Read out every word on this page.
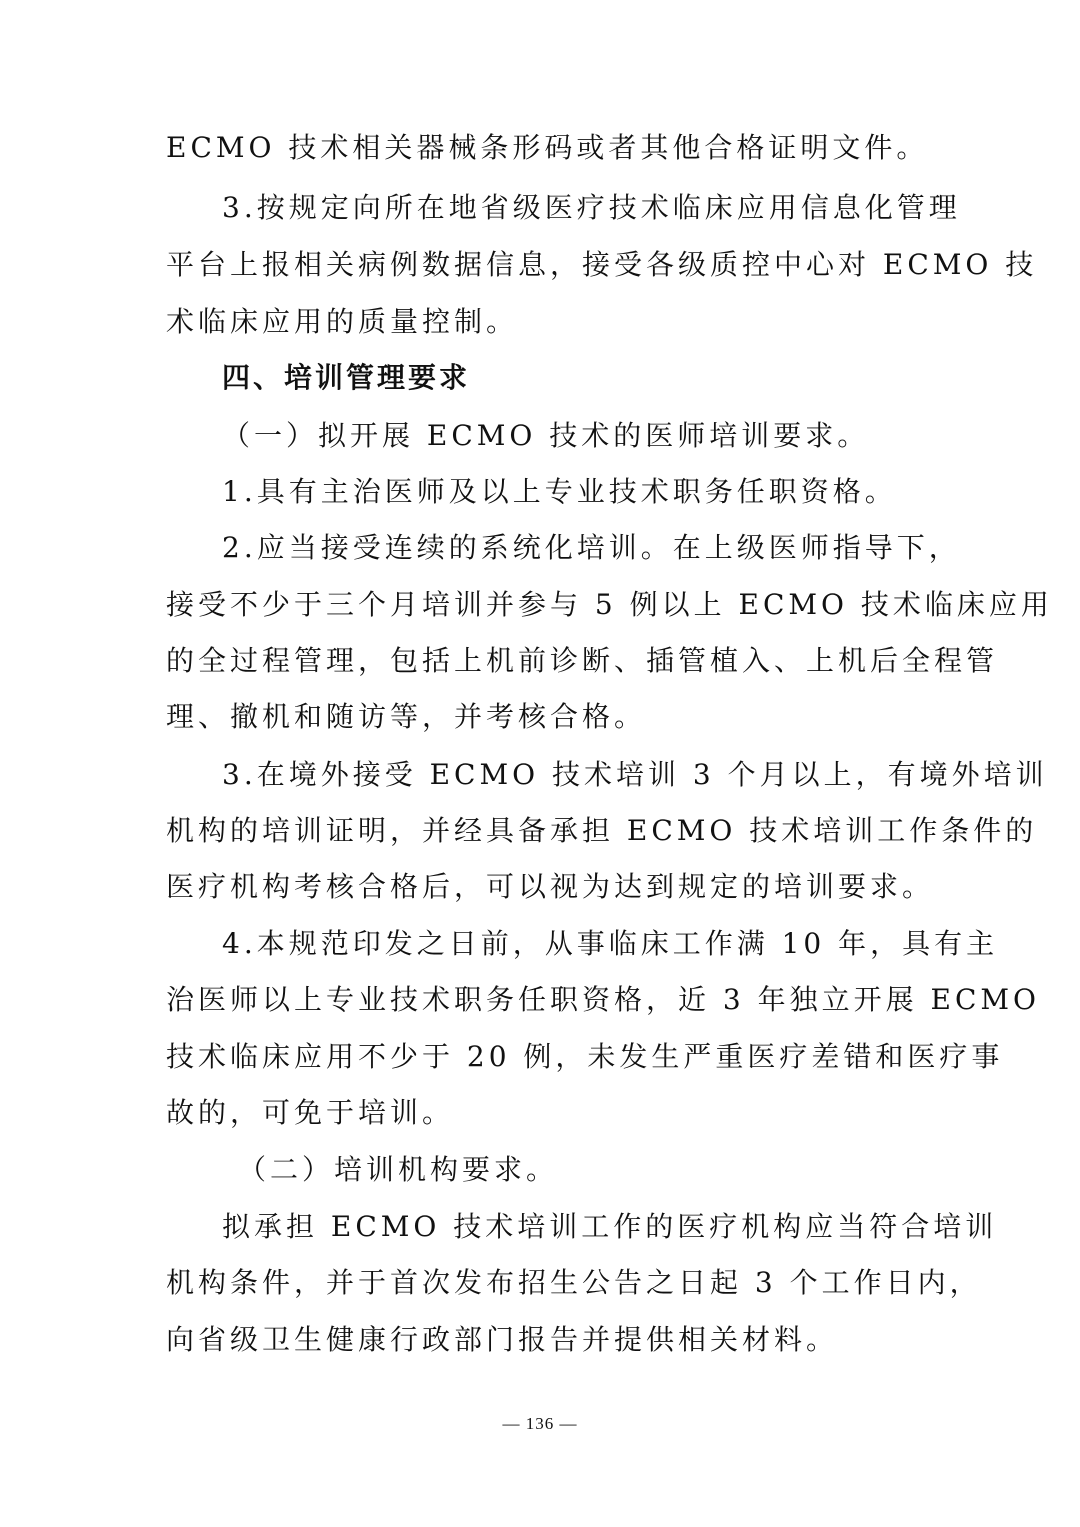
ECMO 技术相关器械条形码或者其他合格证明文件。
3.按规定向所在地省级医疗技术临床应用信息化管理
平台上报相关病例数据信息，接受各级质控中心对 ECMO 技
术临床应用的质量控制。
四、培训管理要求
（一）拟开展 ECMO 技术的医师培训要求。
1.具有主治医师及以上专业技术职务任职资格。
2.应当接受连续的系统化培训。在上级医师指导下，
接受不少于三个月培训并参与 5 例以上 ECMO 技术临床应用
的全过程管理，包括上机前诊断、插管植入、上机后全程管
理、撤机和随访等，并考核合格。
3.在境外接受 ECMO 技术培训 3 个月以上，有境外培训
机构的培训证明，并经具备承担 ECMO 技术培训工作条件的
医疗机构考核合格后，可以视为达到规定的培训要求。
4.本规范印发之日前，从事临床工作满 10 年，具有主
治医师以上专业技术职务任职资格，近 3 年独立开展 ECMO
技术临床应用不少于 20 例，未发生严重医疗差错和医疗事
故的，可免于培训。
（二）培训机构要求。
拟承担 ECMO 技术培训工作的医疗机构应当符合培训
机构条件，并于首次发布招生公告之日起 3 个工作日内，
向省级卫生健康行政部门报告并提供相关材料。
— 136 —
